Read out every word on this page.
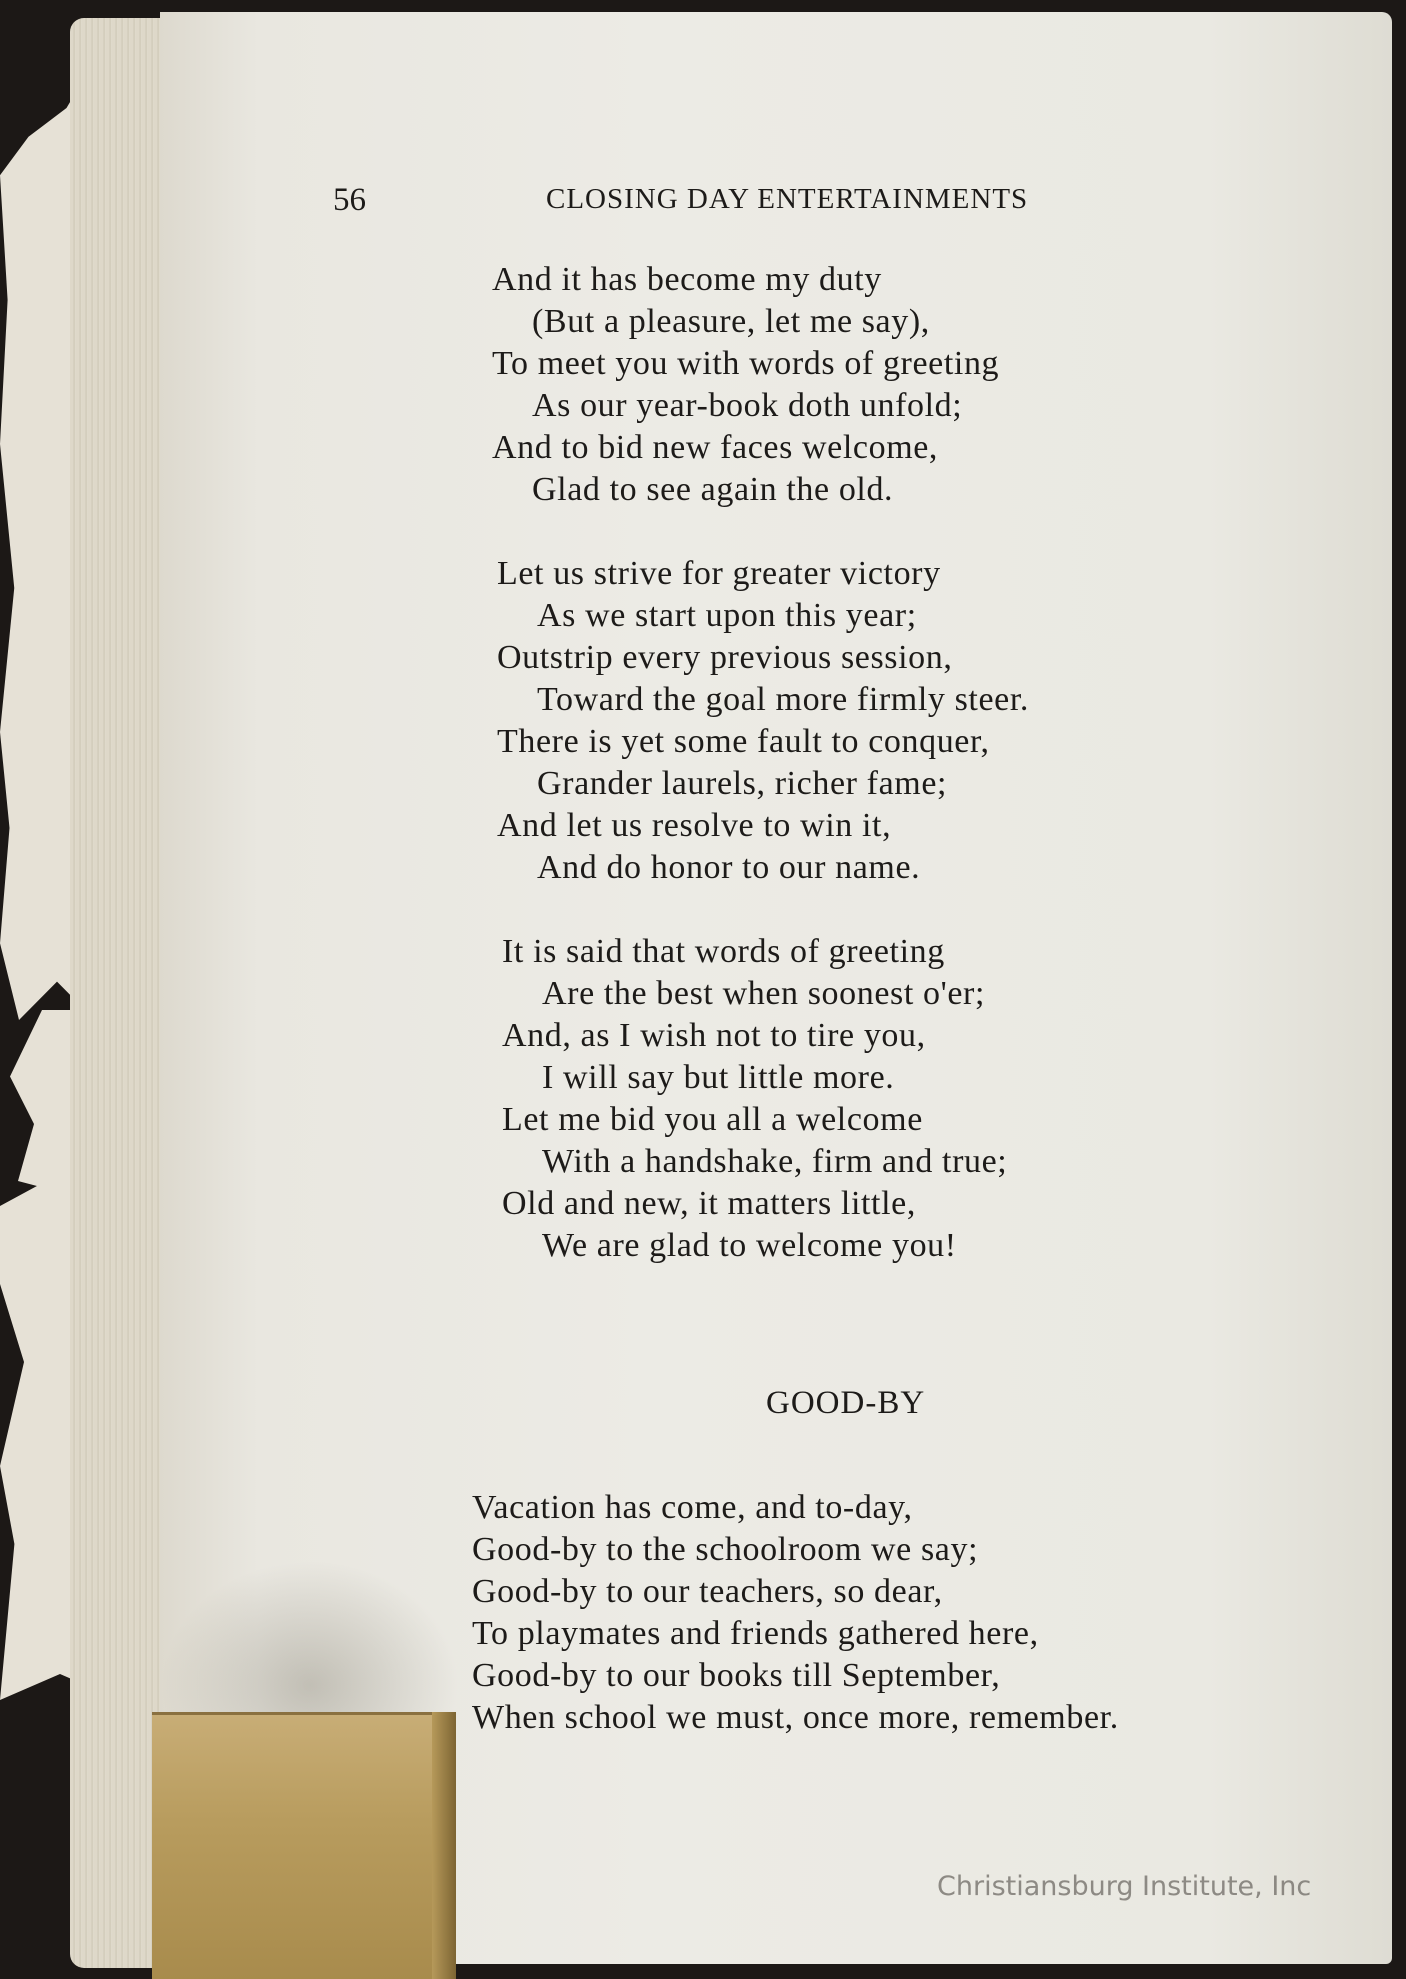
56	CLOSING DAY ENTERTAINMENTS
And it has become my duty
(But a pleasure, let me say),
To meet you with words of greeting
As our year-book doth unfold;
And to bid new faces welcome,
Glad to see again the old.
Let us strive for greater victory
As we start upon this year;
Outstrip every previous session,
Toward the goal more firmly steer.
There is yet some fault to conquer,
Grander laurels, richer fame;
And let us resolve to win it,
And do honor to our name.
It is said that words of greeting
Are the best when soonest o'er;
And, as I wish not to tire you,
I will say but little more.
Let me bid you all a welcome
With a handshake, firm and true;
Old and new, it matters little,
We are glad to welcome you!
GOOD-BY
Vacation has come, and to-day,
Good-by to the schoolroom we say;
Good-by to our teachers, so dear,
To playmates and friends gathered here,
Good-by to our books till September,
When school we must, once more, remember.
Christiansburg Institute, Inc
